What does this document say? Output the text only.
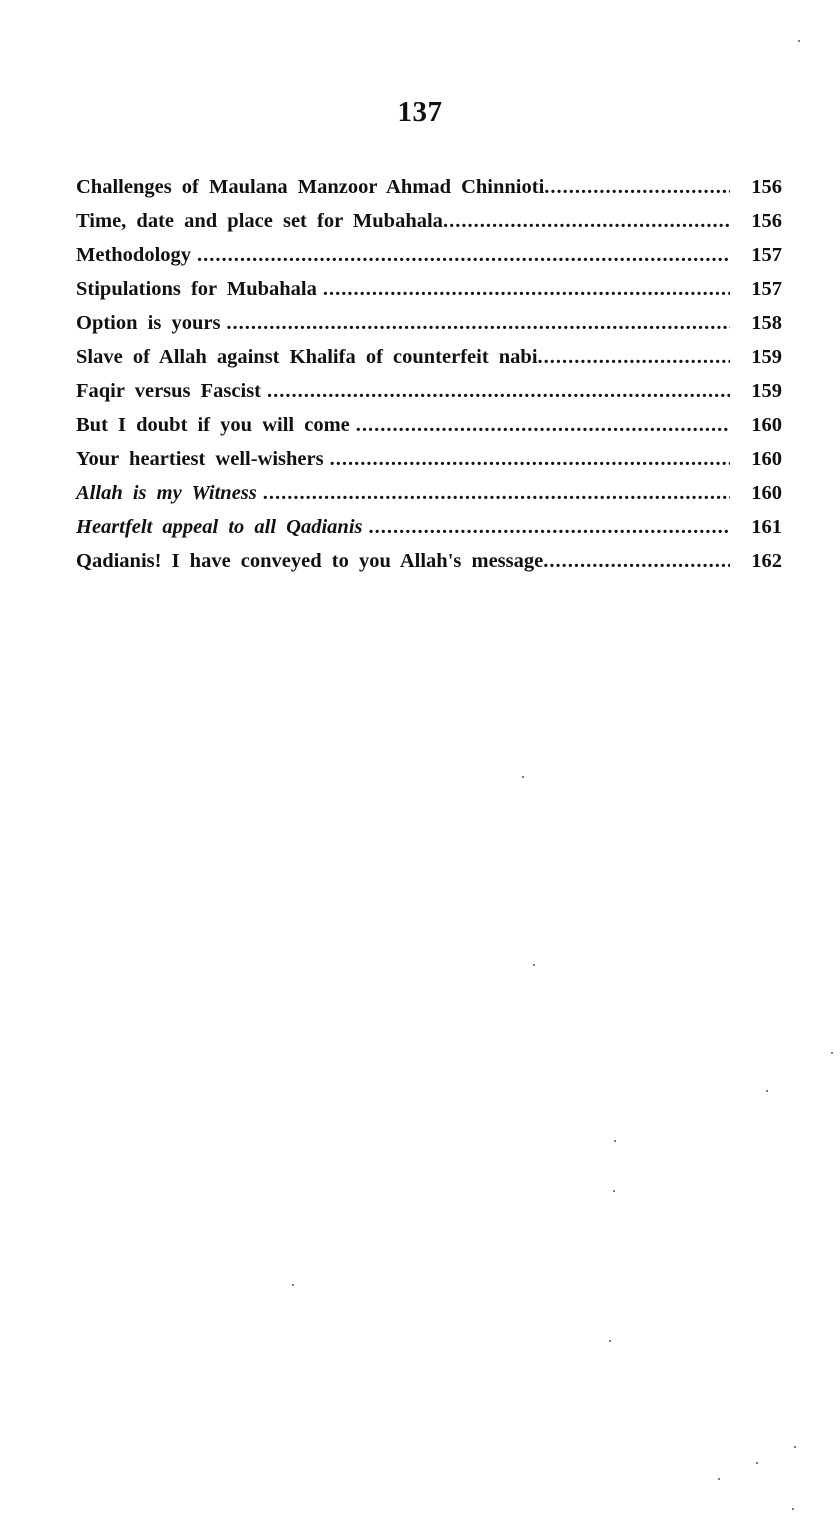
137
Challenges of Maulana Manzoor Ahmad Chinnioti .....	156
Time, date and place set for Mubahala .....	156
Methodology .....	157
Stipulations for Mubahala .....	157
Option is yours .....	158
Slave of Allah against Khalifa of counterfeit nabi .....	159
Faqir versus Fascist .....	159
But I doubt if you will come .....	160
Your heartiest well-wishers .....	160
Allah is my Witness .....	160
Heartfelt appeal to all Qadianis .....	161
Qadianis! I have conveyed to you Allah's message .....	162
